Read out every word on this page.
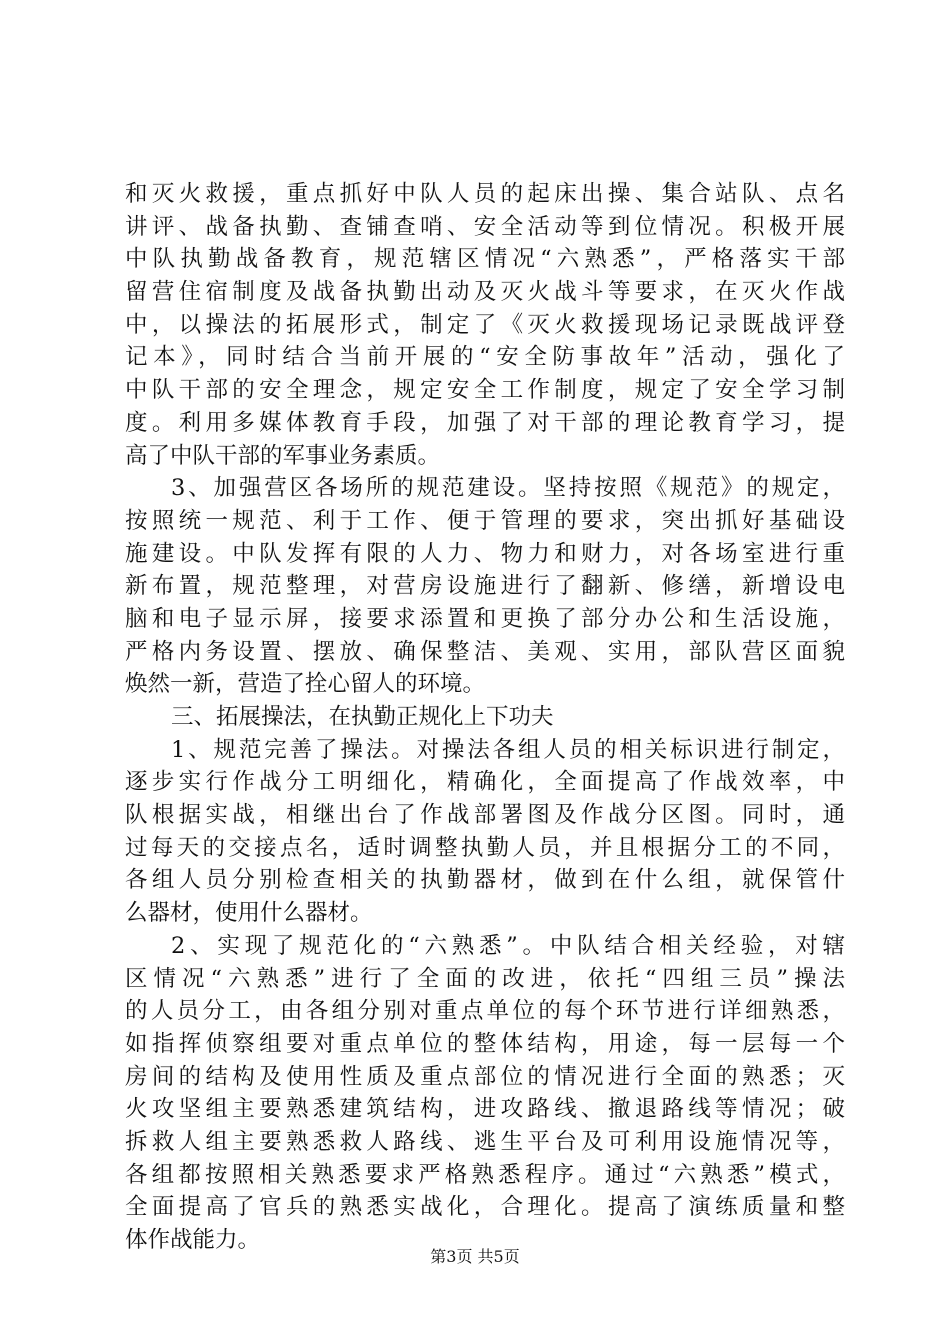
和灭火救援，重点抓好中队人员的起床出操、集合站队、点名
讲评、战备执勤、查铺查哨、安全活动等到位情况。积极开展
中队执勤战备教育，规范辖区情况“六熟悉”，严格落实干部
留营住宿制度及战备执勤出动及灭火战斗等要求，在灭火作战
中，以操法的拓展形式，制定了《灭火救援现场记录既战评登
记本》，同时结合当前开展的“安全防事故年”活动，强化了
中队干部的安全理念，规定安全工作制度，规定了安全学习制
度。利用多媒体教育手段，加强了对干部的理论教育学习，提
高了中队干部的军事业务素质。
3、加强营区各场所的规范建设。坚持按照《规范》的规定，
按照统一规范、利于工作、便于管理的要求，突出抓好基础设
施建设。中队发挥有限的人力、物力和财力，对各场室进行重
新布置，规范整理，对营房设施进行了翻新、修缮，新增设电
脑和电子显示屏，接要求添置和更换了部分办公和生活设施，
严格内务设置、摆放、确保整洁、美观、实用，部队营区面貌
焕然一新，营造了拴心留人的环境。
三、拓展操法，在执勤正规化上下功夫
1、规范完善了操法。对操法各组人员的相关标识进行制定，
逐步实行作战分工明细化，精确化，全面提高了作战效率，中
队根据实战，相继出台了作战部署图及作战分区图。同时，通
过每天的交接点名，适时调整执勤人员，并且根据分工的不同，
各组人员分别检查相关的执勤器材，做到在什么组，就保管什
么器材，使用什么器材。
2、实现了规范化的“六熟悉”。中队结合相关经验，对辖
区情况“六熟悉”进行了全面的改进，依托“四组三员”操法
的人员分工，由各组分别对重点单位的每个环节进行详细熟悉，
如指挥侦察组要对重点单位的整体结构，用途，每一层每一个
房间的结构及使用性质及重点部位的情况进行全面的熟悉；灭
火攻坚组主要熟悉建筑结构，进攻路线、撤退路线等情况；破
拆救人组主要熟悉救人路线、逃生平台及可利用设施情况等，
各组都按照相关熟悉要求严格熟悉程序。通过“六熟悉”模式，
全面提高了官兵的熟悉实战化，合理化。提高了演练质量和整
体作战能力。
第3页 共5页
